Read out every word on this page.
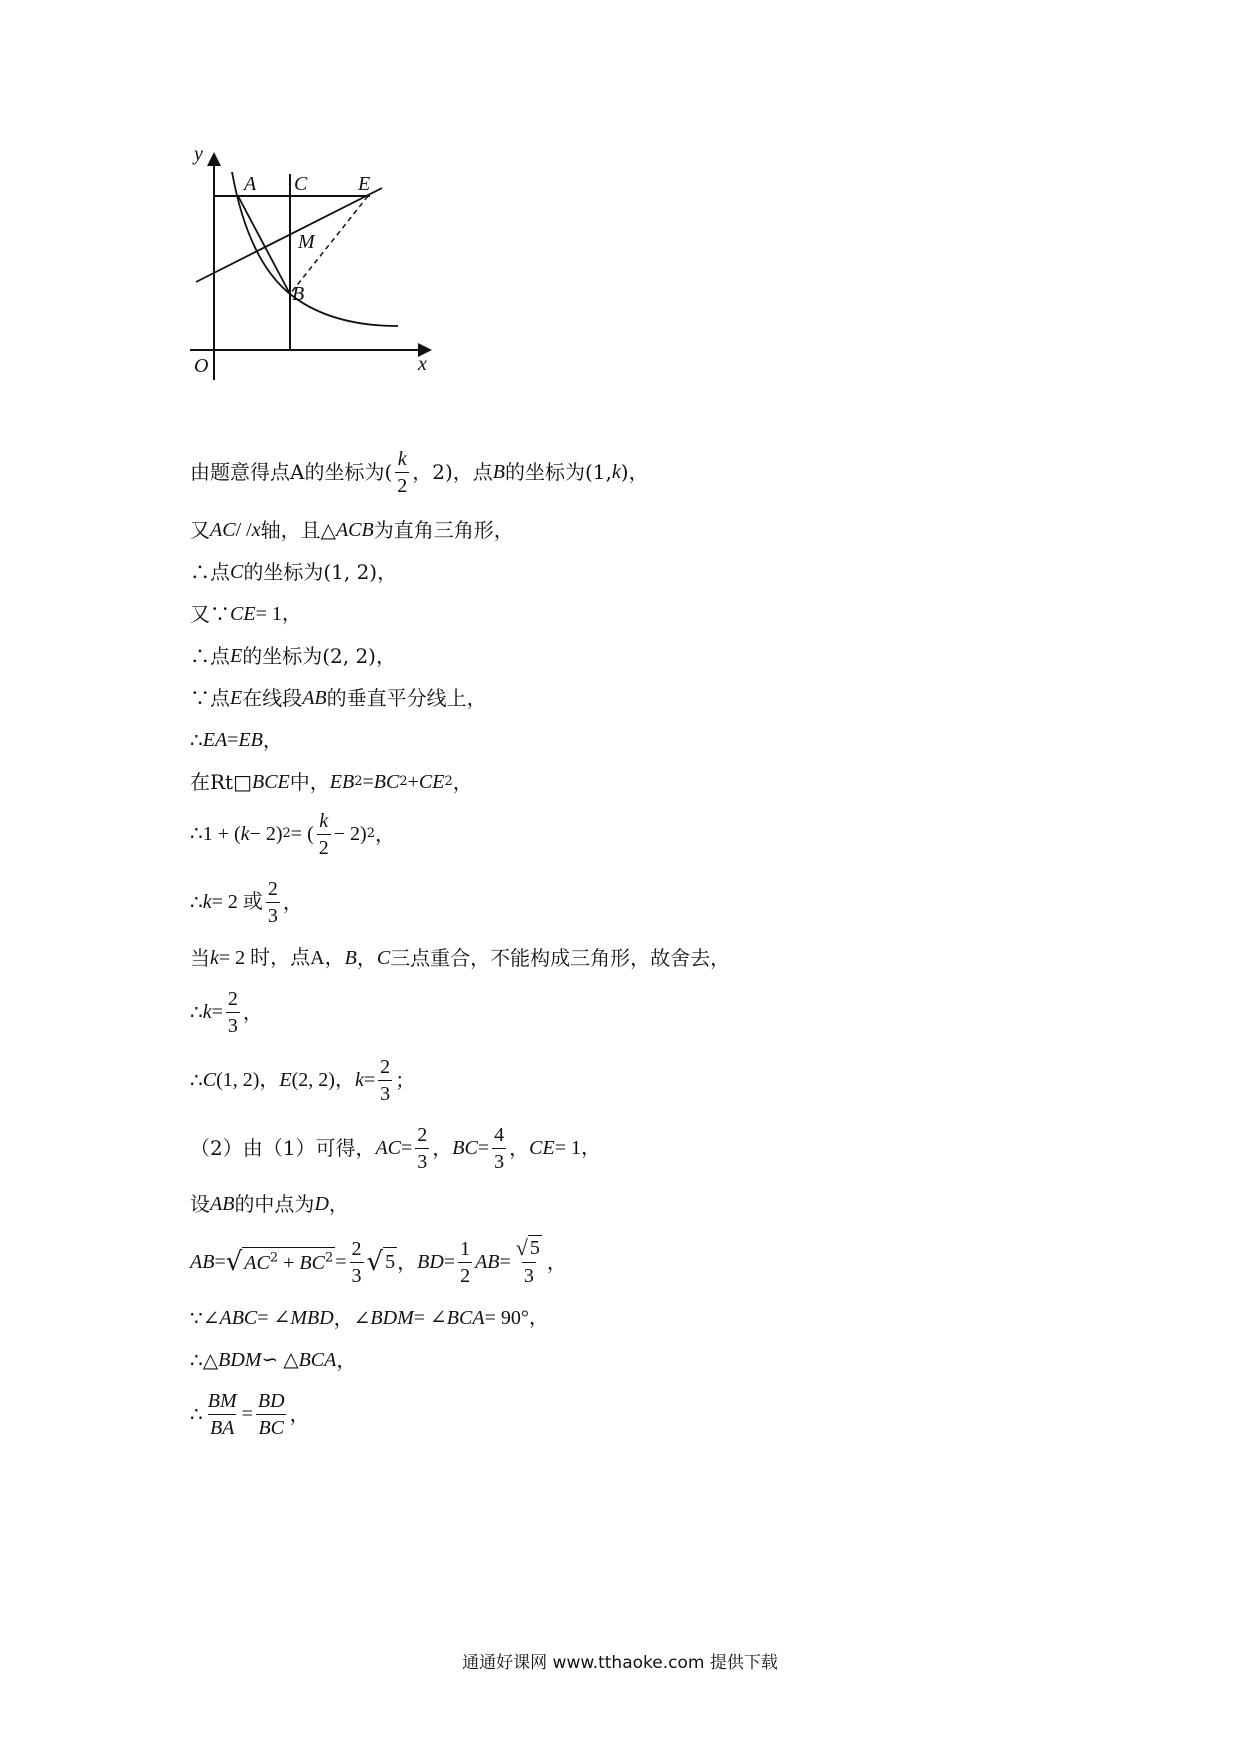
y
x
O
A C	E
M
B
由题意得点A的坐标为( $\frac{k}{2}$ ，2)，点 B 的坐标为(1, k )，
又 AC / / x 轴，且△ ACB 为直角三角形，
∴点 C 的坐标为(1, 2)，
又∵ CE = 1，
∴点 E 的坐标为(2, 2)，
∵点 E 在线段 AB 的垂直平分线上，
∴ EA = EB ，
在Rt□ BCE 中， EB 2 = BC 2 + CE 2 ，
∴1 + ( k − 2) 2 = ( $\frac{k}{2} - 2$) 2 ，
∴ k = 2 或 $\frac{2}{3}$ ，
当 k = 2 时，点A， B ， C 三点重合，不能构成三角形，故舍去，
∴ $k = \frac{2}{3}$ ，
∴ C (1, 2)， E (2, 2)， $k = \frac{2}{3}$ ；
（2）由（1）可得， AC = $\frac{2}{3}$ ， BC = $\frac{4}{3}$ ， CE = 1，
设 AB 的中点为 D ，
AB = √ $AC^2 + BC^2 = \frac{2}{3}$ √ 5 ， BD = $\frac{1}{2}$ AB = $\frac{√ 5}{3}$ ，
∵∠ ABC = ∠ MBD ，∠ BDM = ∠ BCA = 90°，
∴△ BDM ∽ △ BCA ，
∴ $\frac{BM}{BA} = \frac{BD}{BC}$ ，
通通好课网 www.tthaoke.com 提供下载
